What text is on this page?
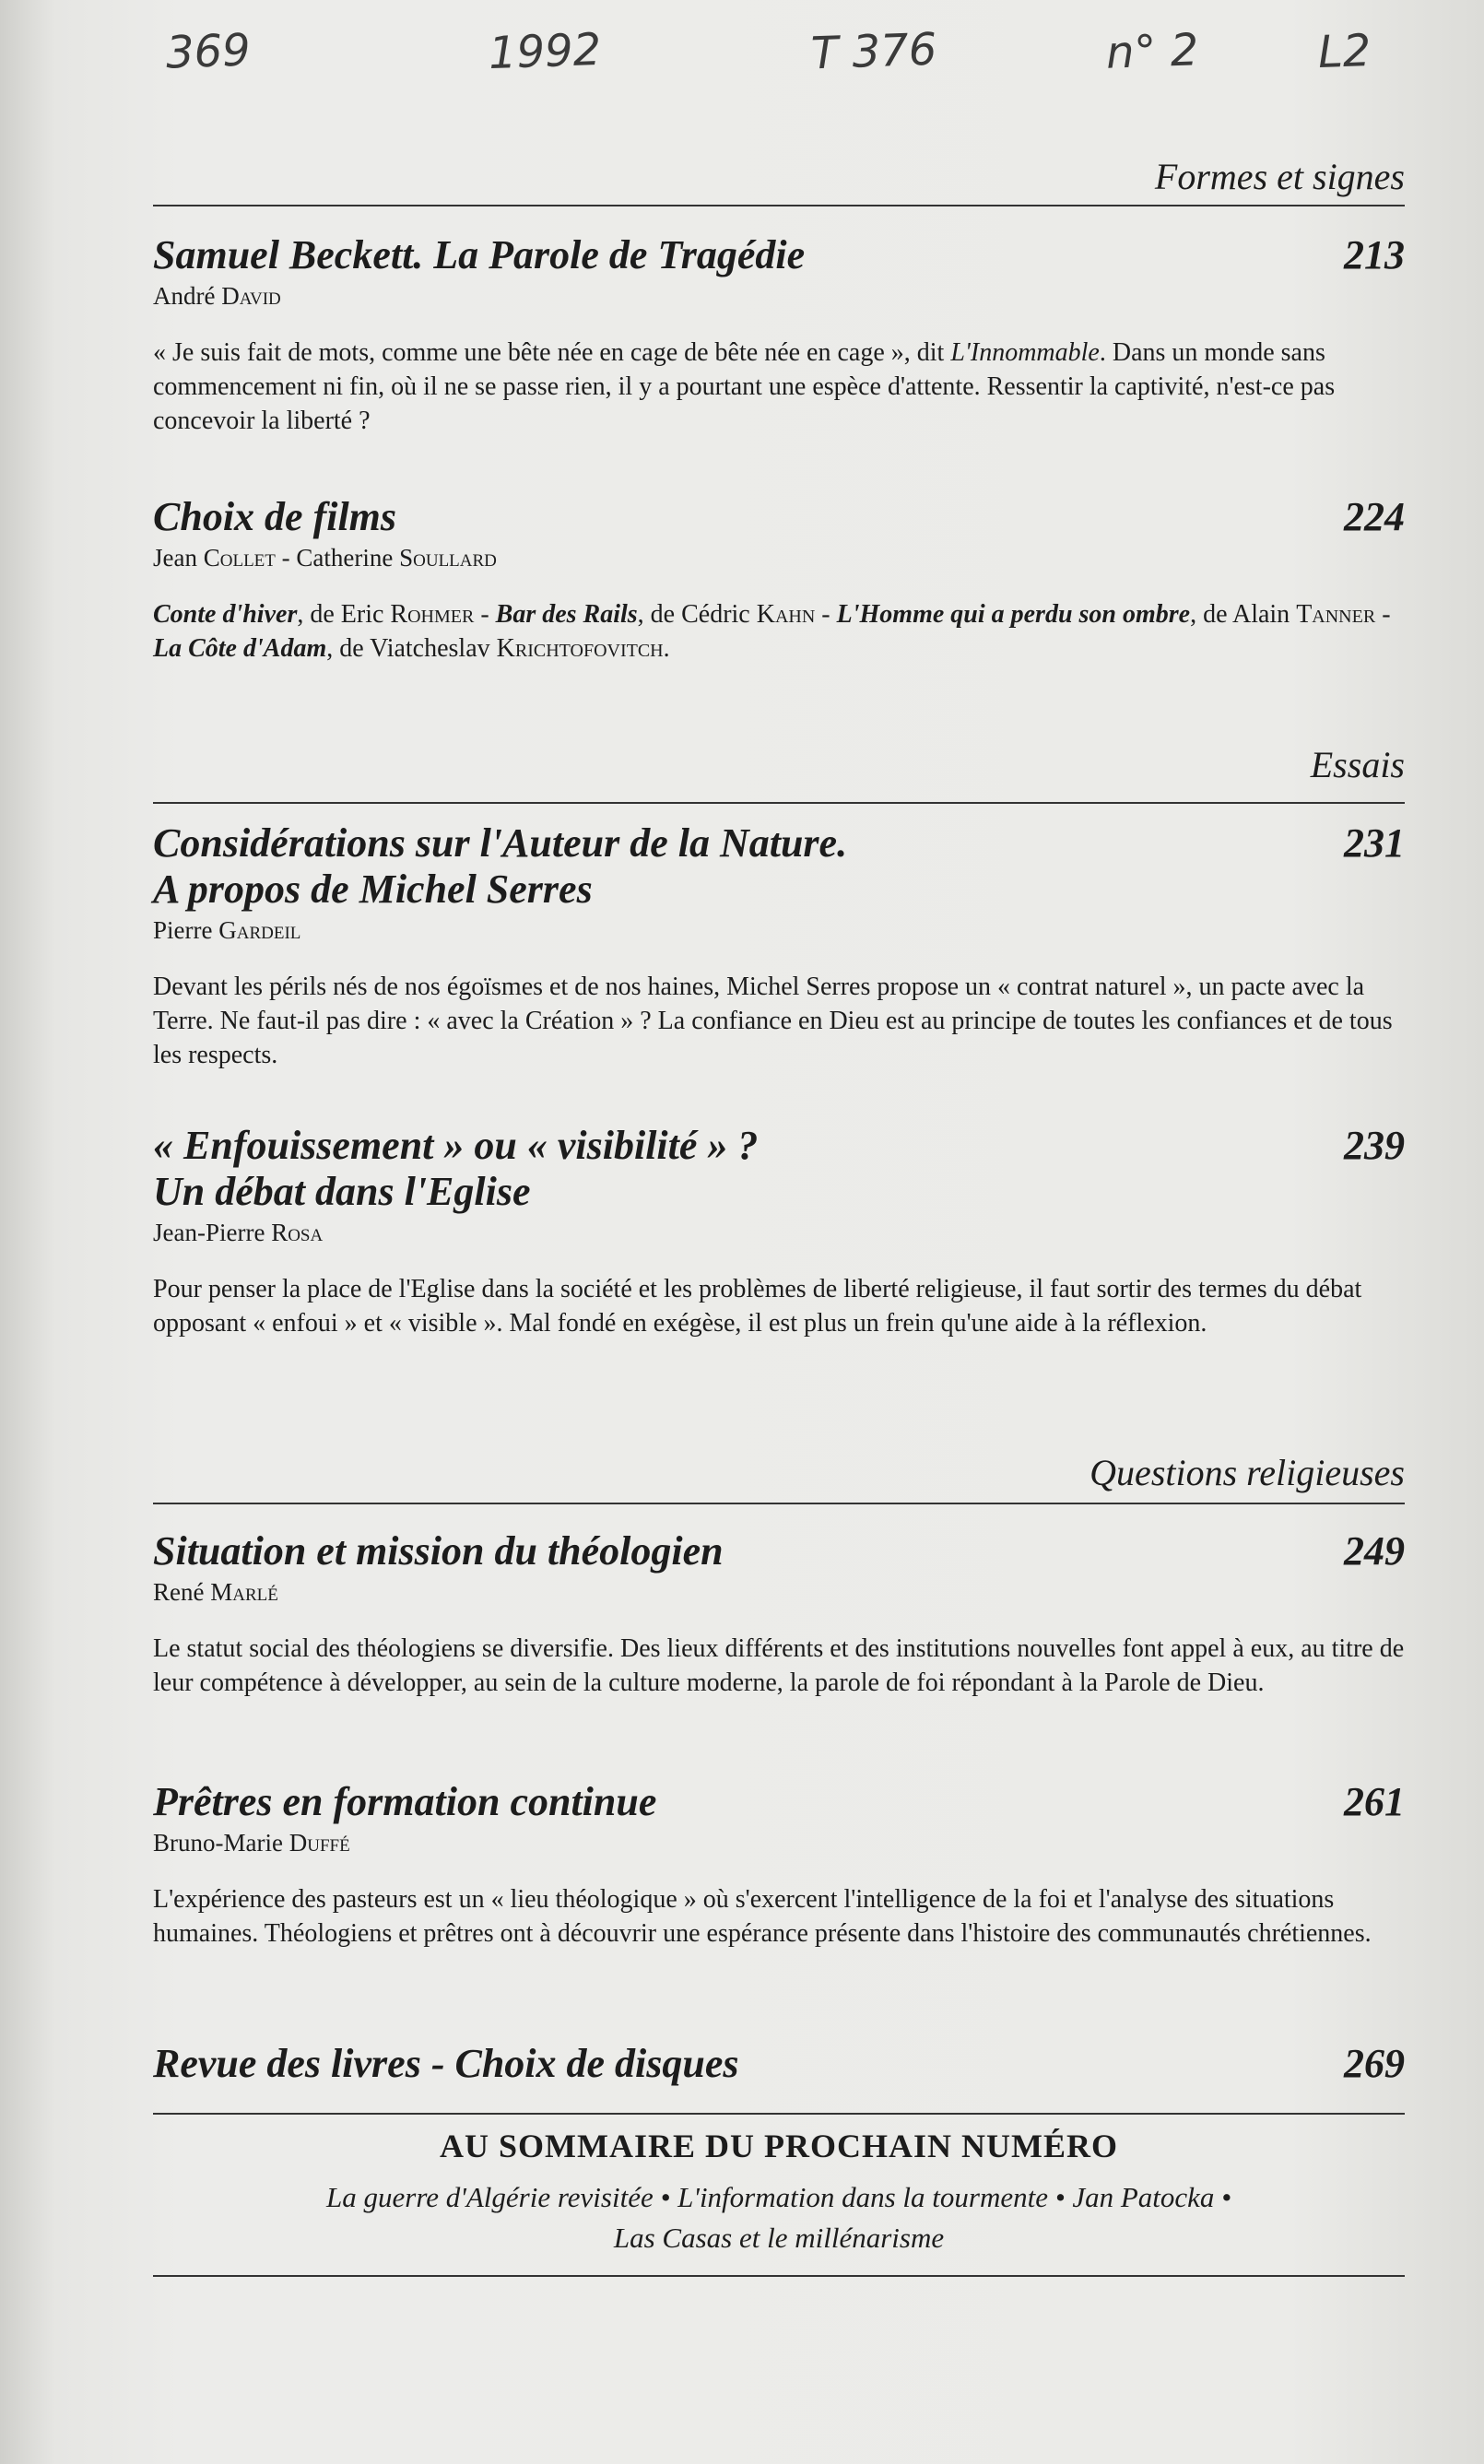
369	1992	T 376	n° 2	L2
Formes et signes
Samuel Beckett. La Parole de Tragédie	213
André David
« Je suis fait de mots, comme une bête née en cage de bête née en cage », dit L'Innommable. Dans un monde sans commencement ni fin, où il ne se passe rien, il y a pourtant une espèce d'attente. Ressentir la captivité, n'est-ce pas concevoir la liberté ?
Choix de films	224
Jean Collet - Catherine Soullard
Conte d'hiver, de Eric Rohmer - Bar des Rails, de Cédric Kahn - L'Homme qui a perdu son ombre, de Alain Tanner - La Côte d'Adam, de Viatcheslav Krichtofovitch.
Essais
Considérations sur l'Auteur de la Nature.
A propos de Michel Serres
231
Pierre Gardeil
Devant les périls nés de nos égoïsmes et de nos haines, Michel Serres propose un « contrat naturel », un pacte avec la Terre. Ne faut-il pas dire : « avec la Création » ? La confiance en Dieu est au principe de toutes les confiances et de tous les respects.
« Enfouissement » ou « visibilité » ?
Un débat dans l'Eglise
239
Jean-Pierre Rosa
Pour penser la place de l'Eglise dans la société et les problèmes de liberté religieuse, il faut sortir des termes du débat opposant « enfoui » et « visible ». Mal fondé en exégèse, il est plus un frein qu'une aide à la réflexion.
Questions religieuses
Situation et mission du théologien	249
René Marlé
Le statut social des théologiens se diversifie. Des lieux différents et des institutions nouvelles font appel à eux, au titre de leur compétence à développer, au sein de la culture moderne, la parole de foi répondant à la Parole de Dieu.
Prêtres en formation continue	261
Bruno-Marie Duffé
L'expérience des pasteurs est un « lieu théologique » où s'exercent l'intelligence de la foi et l'analyse des situations humaines. Théologiens et prêtres ont à découvrir une espérance présente dans l'histoire des communautés chrétiennes.
Revue des livres - Choix de disques	269
AU SOMMAIRE DU PROCHAIN NUMÉRO
La guerre d'Algérie revisitée • L'information dans la tourmente • Jan Patocka •
Las Casas et le millénarisme
